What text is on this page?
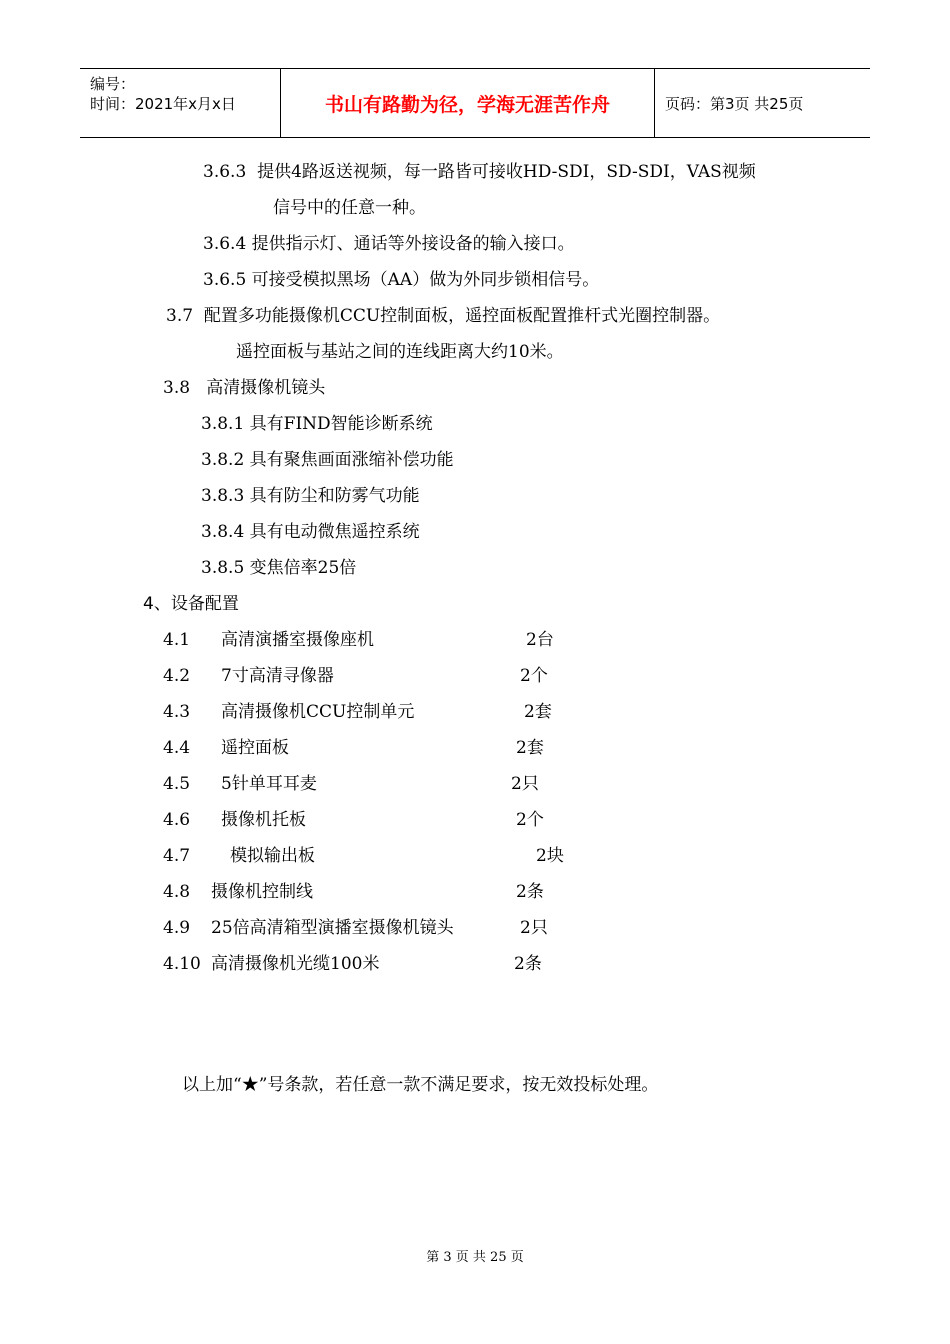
编号：
时间：2021年x月x日	书山有路勤为径，学海无涯苦作舟	页码：第3页 共25页
3.6.3  提供4路返送视频，每一路皆可接收HD-SDI，SD-SDI，VAS视频
信号中的任意一种。
3.6.4 提供指示灯、通话等外接设备的输入接口。
3.6.5 可接受模拟黑场（AA）做为外同步锁相信号。
3.7  配置多功能摄像机CCU控制面板，遥控面板配置推杆式光圈控制器。
遥控面板与基站之间的连线距离大约10米。
3.8   高清摄像机镜头
3.8.1 具有FIND智能诊断系统
3.8.2 具有聚焦画面涨缩补偿功能
3.8.3 具有防尘和防雾气功能
3.8.4 具有电动微焦遥控系统
3.8.5 变焦倍率25倍
4、设备配置
4.1 高清演播室摄像座机	2台
4.2 7寸高清寻像器	2个
4.3 高清摄像机CCU控制单元	2套
4.4 遥控面板	2套
4.5 5针单耳耳麦	2只
4.6 摄像机托板	2个
4.7 模拟输出板	2块
4.8 摄像机控制线	2条
4.9 25倍高清箱型演播室摄像机镜头	2只
4.10 高清摄像机光缆100米	2条
以上加“★”号条款，若任意一款不满足要求，按无效投标处理。
第 3 页 共 25 页
